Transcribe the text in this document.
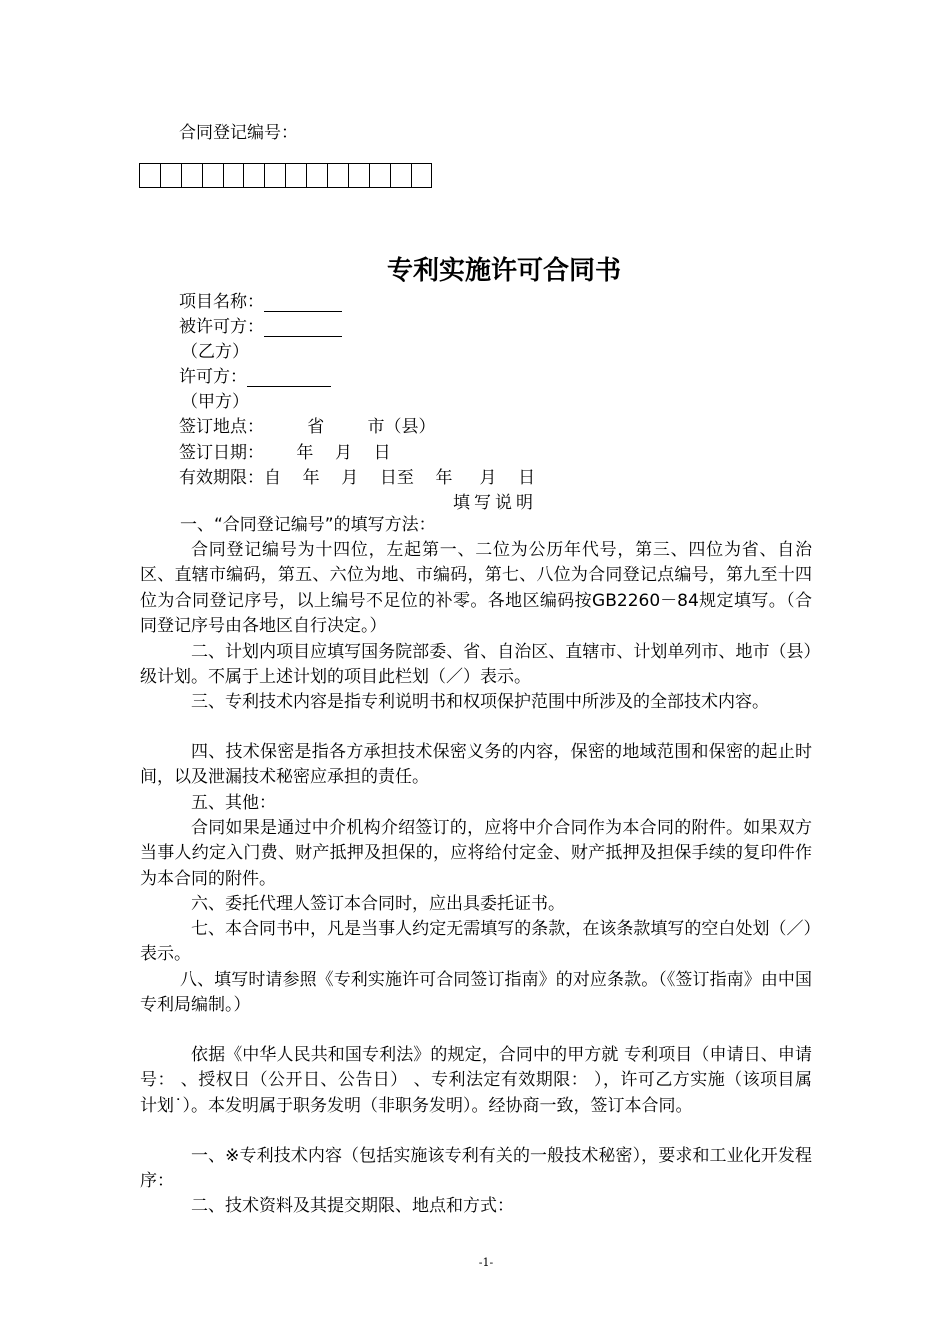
合同登记编号：
专利实施许可合同书
项目名称：
被许可方：
（乙方）
许可方：
（甲方）
签订地点：        省        市（县）
签订日期：      年    月    日
有效期限：自    年    月    日至    年     月    日
填写说明
一、“合同登记编号”的填写方法：
合同登记编号为十四位，左起第一、二位为公历年代号，第三、四位为省、自治区、直辖市编码，第五、六位为地、市编码，第七、八位为合同登记点编号，第九至十四位为合同登记序号，以上编号不足位的补零。各地区编码按GB2260－84规定填写。（合同登记序号由各地区自行决定。）
二、计划内项目应填写国务院部委、省、自治区、直辖市、计划单列市、地市（县）级计划。不属于上述计划的项目此栏划（／）表示。
三、专利技术内容是指专利说明书和权项保护范围中所涉及的全部技术内容。
四、技术保密是指各方承担技术保密义务的内容，保密的地域范围和保密的起止时间，以及泄漏技术秘密应承担的责任。
五、其他：
合同如果是通过中介机构介绍签订的，应将中介合同作为本合同的附件。如果双方当事人约定入门费、财产抵押及担保的，应将给付定金、财产抵押及担保手续的复印件作为本合同的附件。
六、委托代理人签订本合同时，应出具委托证书。
七、本合同书中，凡是当事人约定无需填写的条款，在该条款填写的空白处划（／）表示。
八、填写时请参照《专利实施许可合同签订指南》的对应条款。（《签订指南》由中国专利局编制。）
依据《中华人民共和国专利法》的规定，合同中的甲方就 专利项目（申请日、申请号： 、授权日（公开日、公告日） 、专利法定有效期限： ），许可乙方实施（该项目属 计划˙）。本发明属于职务发明（非职务发明）。经协商一致，签订本合同。
一、※专利技术内容（包括实施该专利有关的一般技术秘密），要求和工业化开发程序：
二、技术资料及其提交期限、地点和方式：
-1-
